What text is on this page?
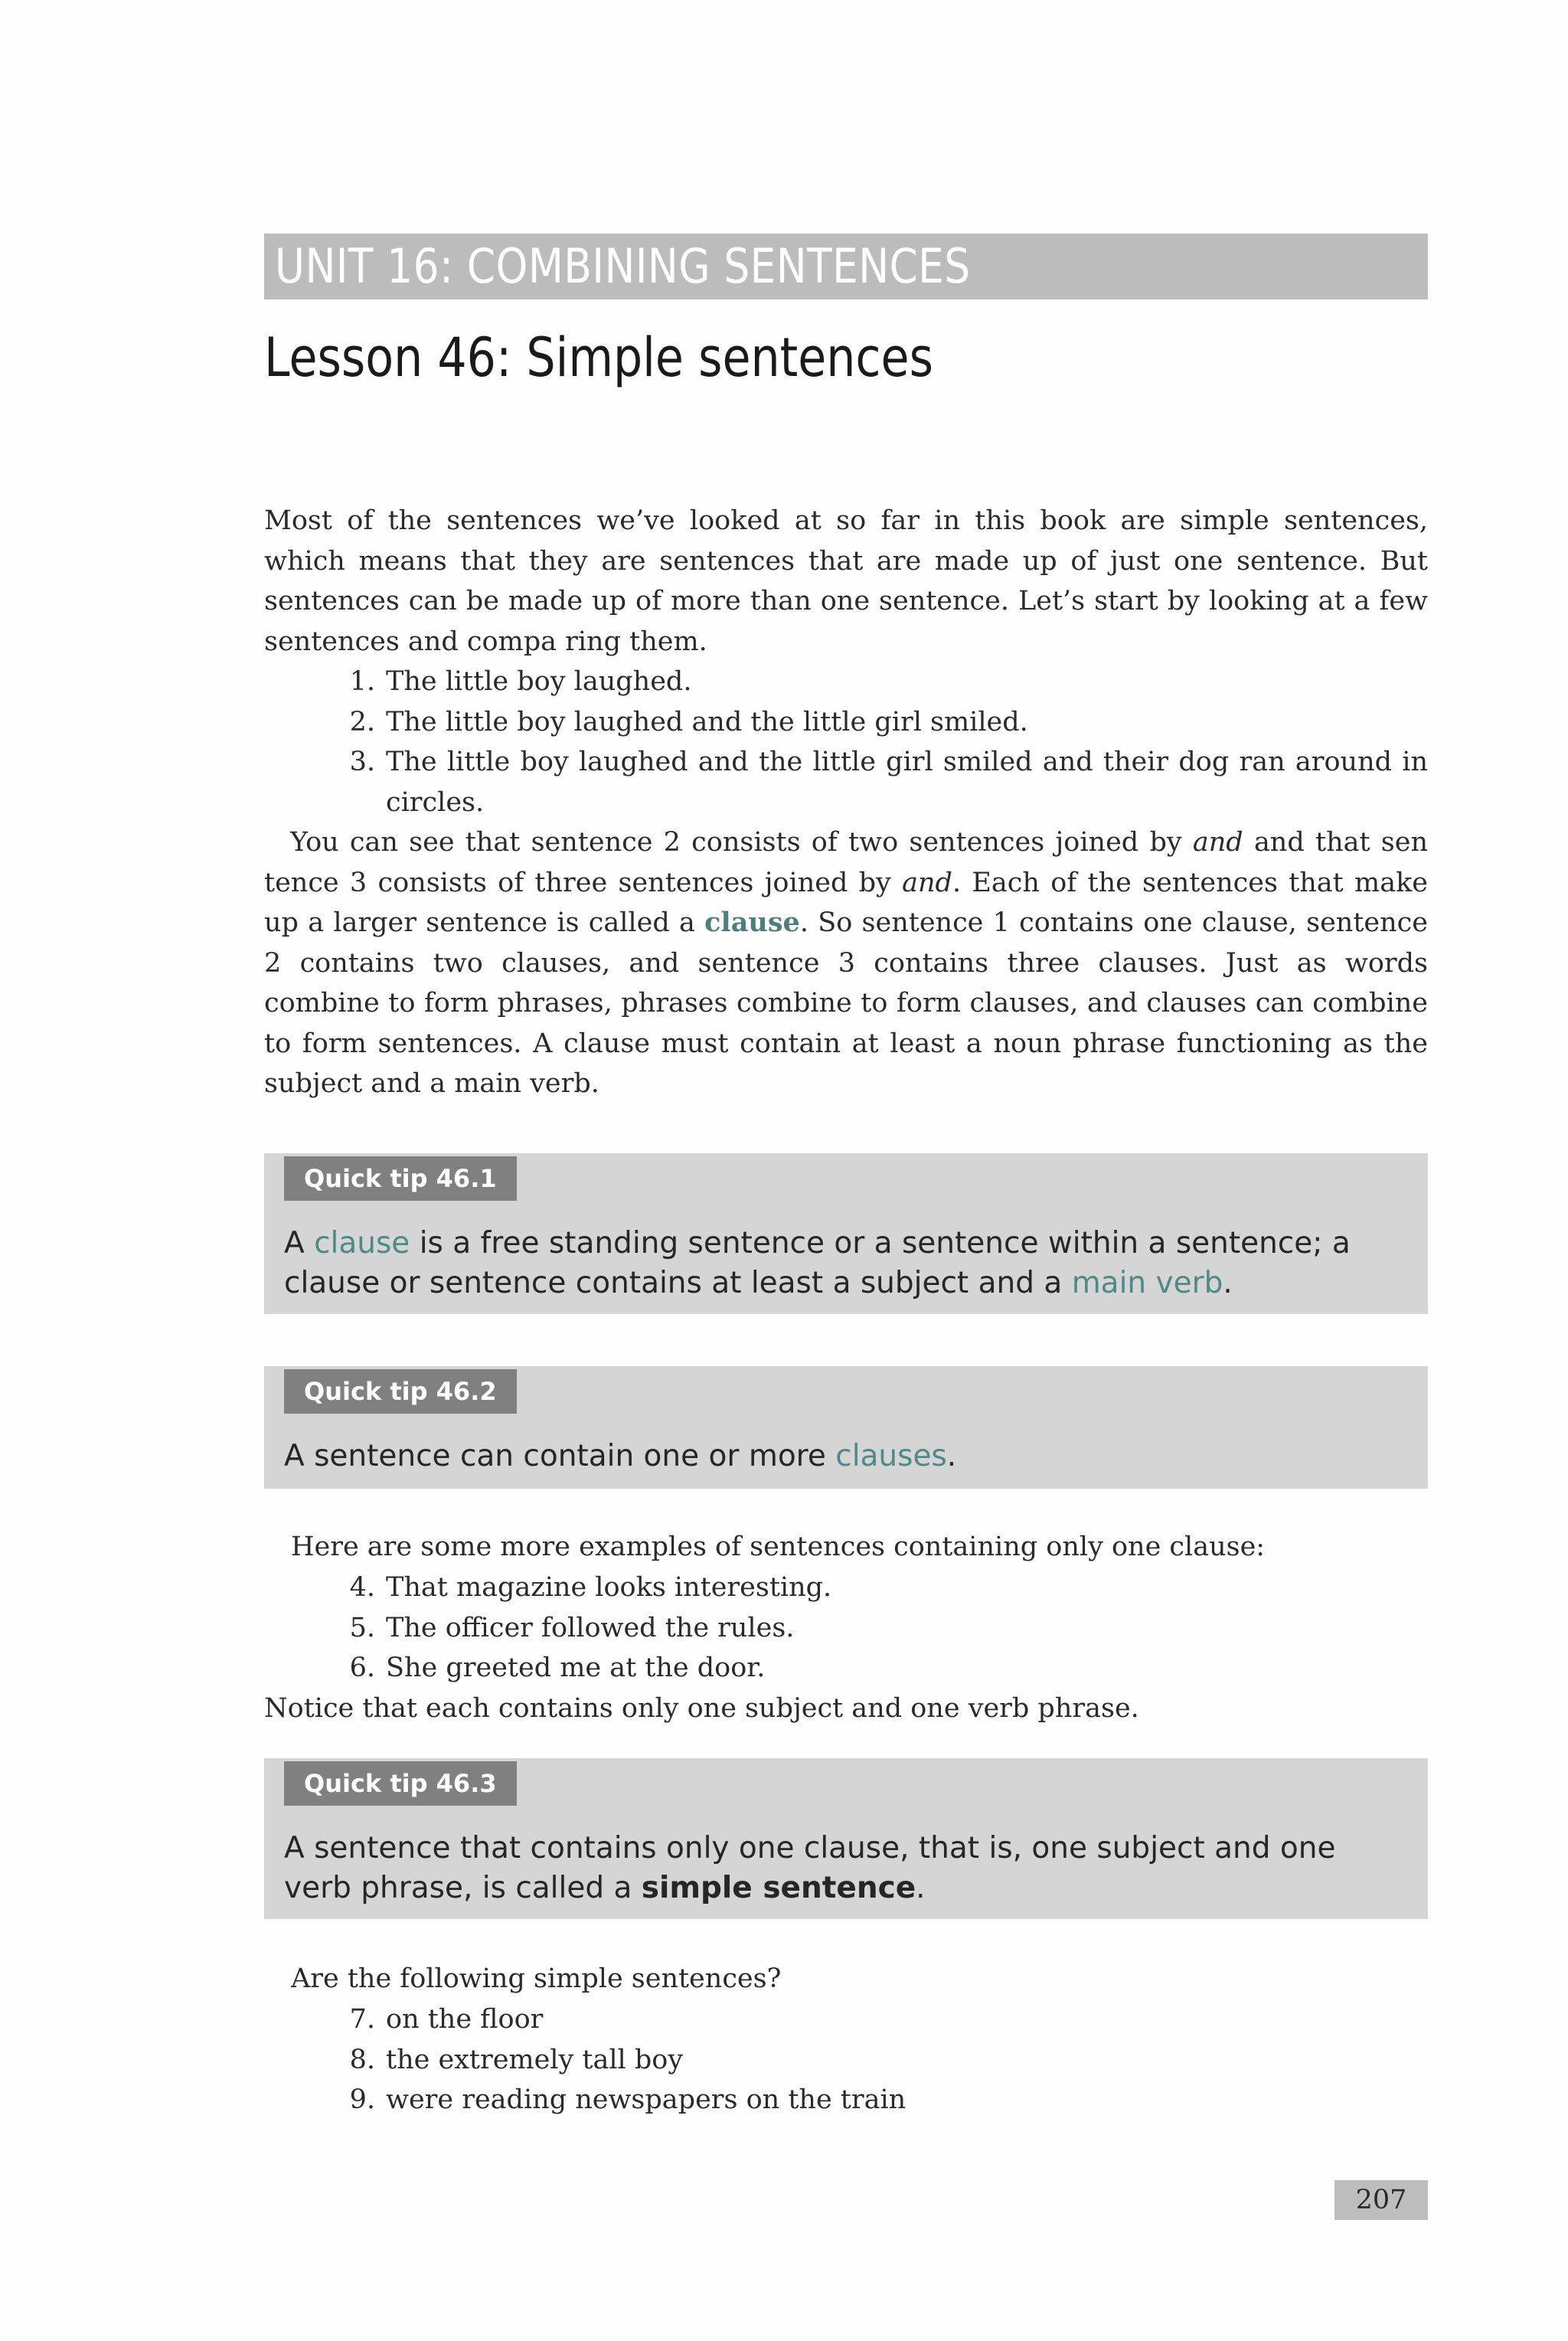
UNIT 16: COMBINING SENTENCES
Lesson 46: Simple sentences

Most of the sentences we’ve looked at so far in this book are simple sentences, which means that they are sentences that are made up of just one sentence. But sentences can be made up of more than one sentence. Let’s start by looking at a few sentences and compa ring them.

1. The little boy laughed.
2. The little boy laughed and the little girl smiled.
3. The little boy laughed and the little girl smiled and their dog ran around in circles.

You can see that sentence 2 consists of two sentences joined by and and that sen tence 3 consists of three sentences joined by and. Each of the sentences that make up a larger sentence is called a clause. So sentence 1 contains one clause, sentence 2 contains two clauses, and sentence 3 contains three clauses. Just as words combine to form phrases, phrases combine to form clauses, and clauses can combine to form sentences. A clause must contain at least a noun phrase functioning as the subject and a main verb.

Quick tip 46.1
A clause is a free standing sentence or a sentence within a sentence; a clause or sentence contains at least a subject and a main verb.
Quick tip 46.2
A sentence can contain one or more clauses.

Here are some more examples of sentences containing only one clause:

4. That magazine looks interesting.
5. The officer followed the rules.
6. She greeted me at the door.

Notice that each contains only one subject and one verb phrase.

Quick tip 46.3
A sentence that contains only one clause, that is, one subject and one verb phrase, is called a simple sentence.

Are the following simple sentences?

7. on the floor
8. the extremely tall boy
9. were reading newspapers on the train
207
